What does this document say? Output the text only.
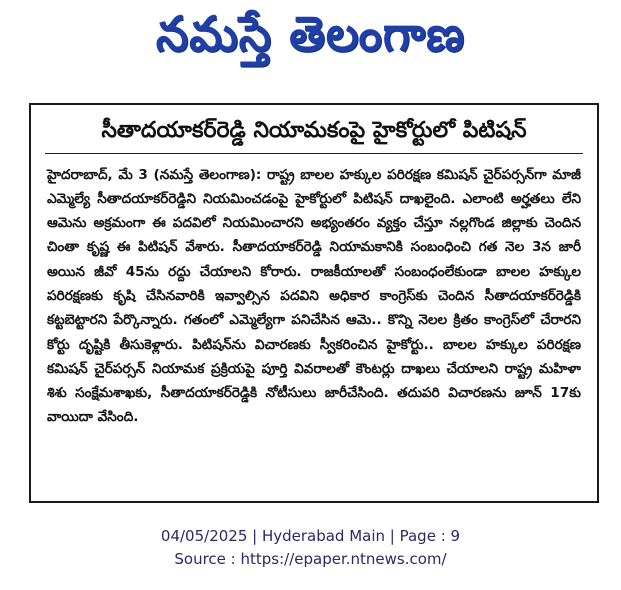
నమస్తే తెలంగాణ
సీతాదయాకర్‌రెడ్డి నియామకంపై హైకోర్టులో పిటిషన్
హైదరాబాద్, మే 3 (నమస్తే తెలంగాణ): రాష్ట్ర బాలల హక్కుల పరిరక్షణ కమిషన్ చైర్‌పర్సన్‌గా మాజీ ఎమ్మెల్యే సీతాదయాకర్‌రెడ్డిని నియమించడంపై హైకోర్టులో పిటిషన్ దాఖలైంది. ఎలాంటి అర్హతలు లేని ఆమెను అక్రమంగా ఈ పదవిలో నియమించారని అభ్యంతరం వ్యక్తం చేస్తూ నల్లగొండ జిల్లాకు చెందిన చింతా కృష్ణ ఈ పిటిషన్ వేశారు. సీతాదయాకర్‌రెడ్డి నియామకానికి సంబంధించి గత నెల 3న జారీ అయిన జీవో 45ను రద్దు చేయాలని కోరారు. రాజకీయాలతో సంబంధంలేకుండా బాలల హక్కుల పరిరక్షణకు కృషి చేసినవారికి ఇవ్వాల్సిన పదవిని అధికార కాంగ్రెస్‌కు చెందిన సీతాదయాకర్‌రెడ్డికి కట్టబెట్టారని పేర్కొన్నారు. గతంలో ఎమ్మెల్యేగా పనిచేసిన ఆమె.. కొన్ని నెలల క్రితం కాంగ్రెస్‌లో చేరారని కోర్టు దృష్టికి తీసుకెళ్లారు. పిటిషన్‌ను విచారణకు స్వీకరించిన హైకోర్టు.. బాలల హక్కుల పరిరక్షణ కమిషన్ చైర్‌పర్సన్ నియామక ప్రక్రియపై పూర్తి వివరాలతో కౌంటర్లు దాఖలు చేయాలని రాష్ట్ర మహిళా శిశు సంక్షేమశాఖకు, సీతాదయాకర్‌రెడ్డికి నోటీసులు జారీచేసింది. తదుపరి విచారణను జూన్ 17కు వాయిదా వేసింది.
04/05/2025 | Hyderabad Main | Page : 9
Source : https://epaper.ntnews.com/
